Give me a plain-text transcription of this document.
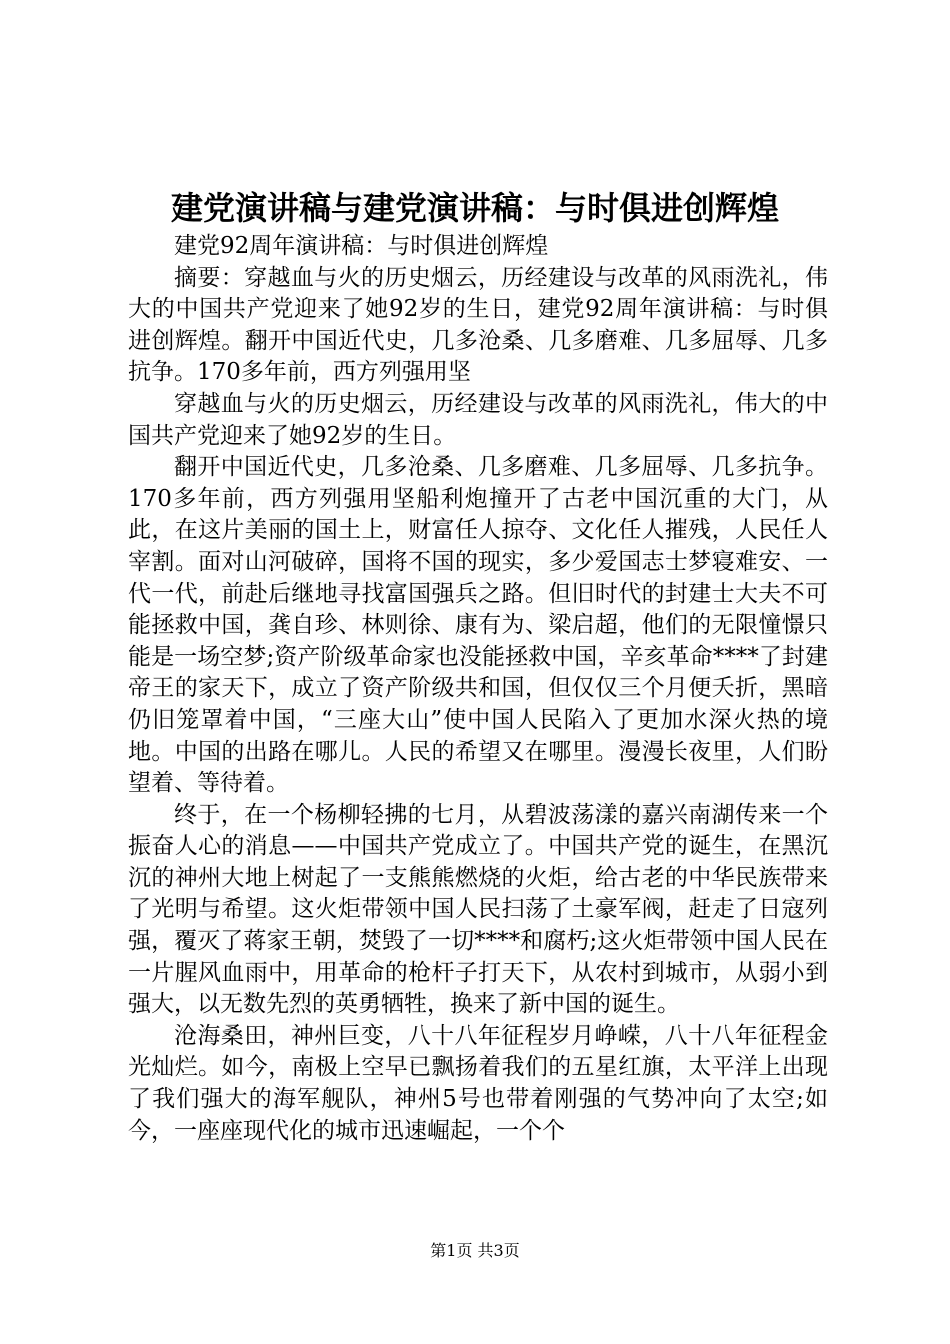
建党演讲稿与建党演讲稿：与时俱进创辉煌

建党92周年演讲稿：与时俱进创辉煌

摘要：穿越血与火的历史烟云，历经建设与改革的风雨洗礼，伟大的中国共产党迎来了她92岁的生日，建党92周年演讲稿：与时俱进创辉煌。翻开中国近代史，几多沧桑、几多磨难、几多屈辱、几多抗争。170多年前，西方列强用坚

穿越血与火的历史烟云，历经建设与改革的风雨洗礼，伟大的中国共产党迎来了她92岁的生日。

翻开中国近代史，几多沧桑、几多磨难、几多屈辱、几多抗争。170多年前，西方列强用坚船利炮撞开了古老中国沉重的大门，从此，在这片美丽的国土上，财富任人掠夺、文化任人摧残，人民任人宰割。面对山河破碎，国将不国的现实，多少爱国志士梦寝难安、一代一代，前赴后继地寻找富国强兵之路。但旧时代的封建士大夫不可能拯救中国，龚自珍、林则徐、康有为、梁启超，他们的无限憧憬只能是一场空梦;资产阶级革命家也没能拯救中国，辛亥革命****了封建帝王的家天下，成立了资产阶级共和国，但仅仅三个月便夭折，黑暗仍旧笼罩着中国，“三座大山”使中国人民陷入了更加水深火热的境地。中国的出路在哪儿。人民的希望又在哪里。漫漫长夜里，人们盼望着、等待着。

终于，在一个杨柳轻拂的七月，从碧波荡漾的嘉兴南湖传来一个振奋人心的消息——中国共产党成立了。中国共产党的诞生，在黑沉沉的神州大地上树起了一支熊熊燃烧的火炬，给古老的中华民族带来了光明与希望。这火炬带领中国人民扫荡了土豪军阀，赶走了日寇列强，覆灭了蒋家王朝，焚毁了一切****和腐朽;这火炬带领中国人民在一片腥风血雨中，用革命的枪杆子打天下，从农村到城市，从弱小到强大，以无数先烈的英勇牺牲，换来了新中国的诞生。

沧海桑田，神州巨变，八十八年征程岁月峥嵘，八十八年征程金光灿烂。如今，南极上空早已飘扬着我们的五星红旗，太平洋上出现了我们强大的海军舰队，神州5号也带着刚强的气势冲向了太空;如今，一座座现代化的城市迅速崛起，一个个

第1页 共3页
